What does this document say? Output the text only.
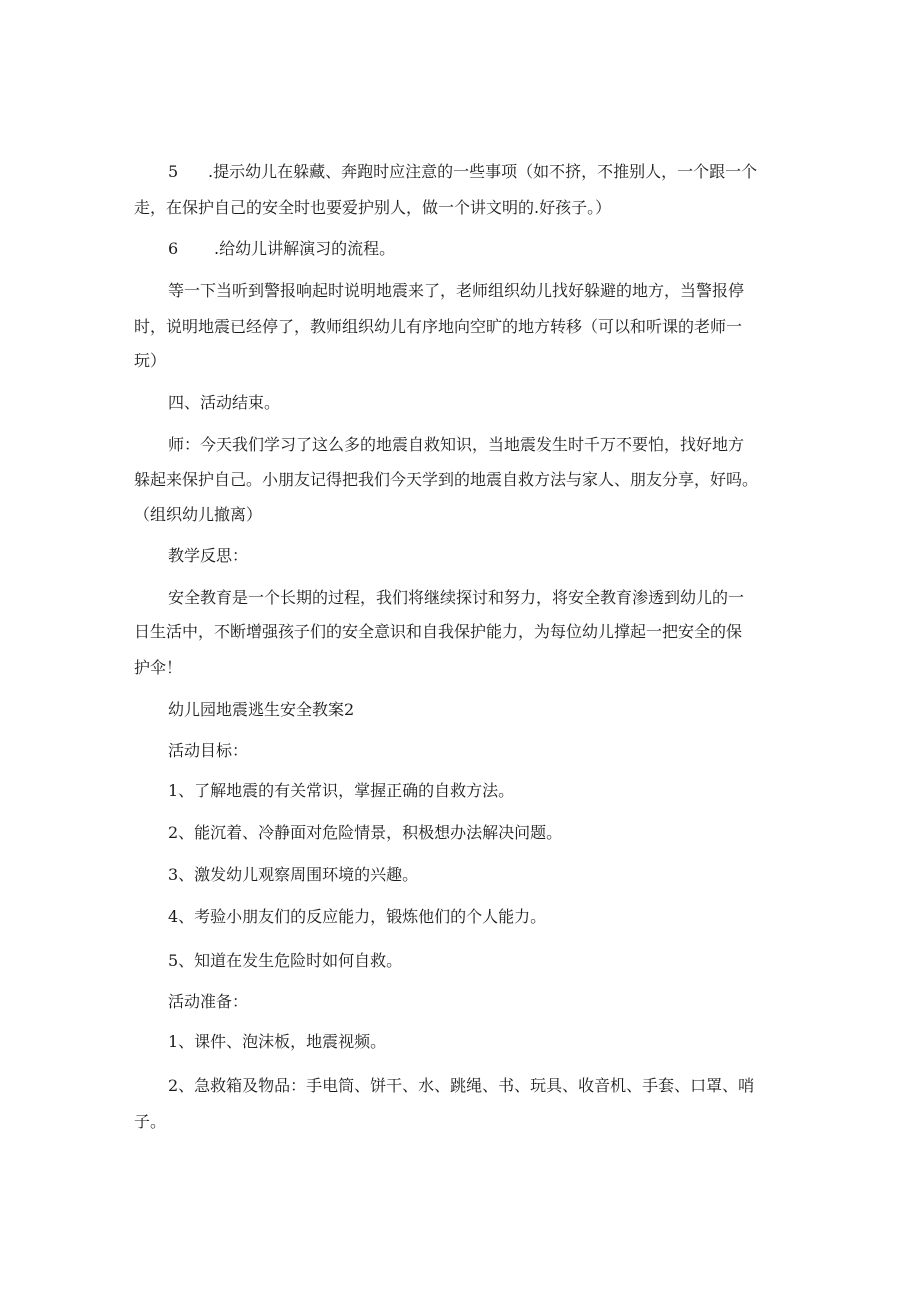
5 .提示幼儿在躲藏、奔跑时应注意的一些事项（如不挤，不推别人，一个跟一个
走，在保护自己的安全时也要爱护别人，做一个讲文明的.好孩子。）
6 .给幼儿讲解演习的流程。
等一下当听到警报响起时说明地震来了，老师组织幼儿找好躲避的地方，当警报停
时，说明地震已经停了，教师组织幼儿有序地向空旷的地方转移（可以和听课的老师一
玩）
四、活动结束。
师：今天我们学习了这么多的地震自救知识，当地震发生时千万不要怕，找好地方
躲起来保护自己。小朋友记得把我们今天学到的地震自救方法与家人、朋友分享，好吗。
（组织幼儿撤离）
教学反思：
安全教育是一个长期的过程，我们将继续探讨和努力，将安全教育渗透到幼儿的一
日生活中，不断增强孩子们的安全意识和自我保护能力，为每位幼儿撑起一把安全的保
护伞！
幼儿园地震逃生安全教案2
活动目标：
1、了解地震的有关常识，掌握正确的自救方法。
2、能沉着、冷静面对危险情景，积极想办法解决问题。
3、激发幼儿观察周围环境的兴趣。
4、考验小朋友们的反应能力，锻炼他们的个人能力。
5、知道在发生危险时如何自救。
活动准备：
1、课件、泡沫板，地震视频。
2、急救箱及物品：手电筒、饼干、水、跳绳、书、玩具、收音机、手套、口罩、哨
子。
